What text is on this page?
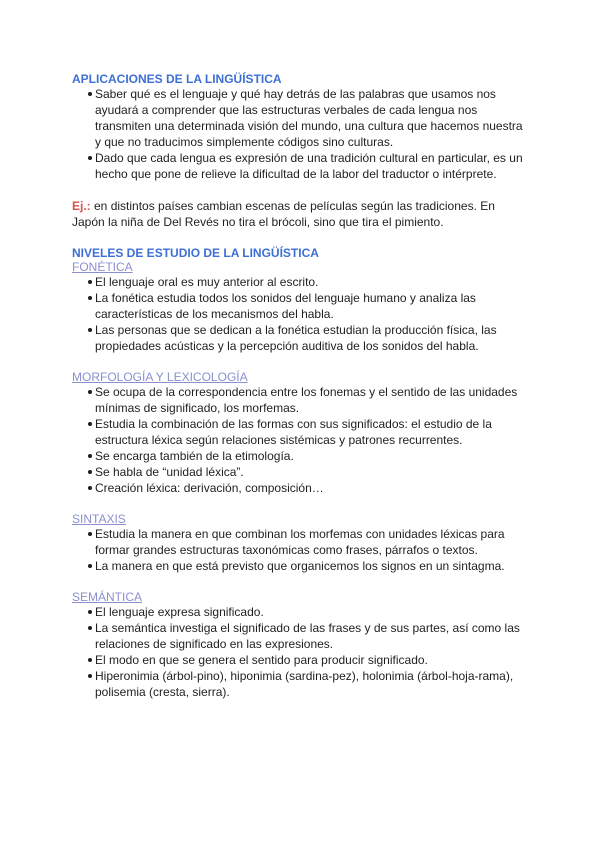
APLICACIONES DE LA LINGÜÍSTICA
Saber qué es el lenguaje y qué hay detrás de las palabras que usamos nos ayudará a comprender que las estructuras verbales de cada lengua nos transmiten una determinada visión del mundo, una cultura que hacemos nuestra y que no traducimos simplemente códigos sino culturas.
Dado que cada lengua es expresión de una tradición cultural en particular, es un hecho que pone de relieve la dificultad de la labor del traductor o intérprete.

Ej.: en distintos países cambian escenas de películas según las tradiciones. En Japón la niña de Del Revés no tira el brócoli, sino que tira el pimiento.

NIVELES DE ESTUDIO DE LA LINGÜÍSTICA

FONÉTICA

El lenguaje oral es muy anterior al escrito.
La fonética estudia todos los sonidos del lenguaje humano y analiza las características de los mecanismos del habla.
Las personas que se dedican a la fonética estudian la producción física, las propiedades acústicas y la percepción auditiva de los sonidos del habla.

MORFOLOGÍA Y LEXICOLOGÍA

Se ocupa de la correspondencia entre los fonemas y el sentido de las unidades mínimas de significado, los morfemas.
Estudia la combinación de las formas con sus significados: el estudio de la estructura léxica según relaciones sistémicas y patrones recurrentes.
Se encarga también de la etimología.
Se habla de “unidad léxica”.
Creación léxica: derivación, composición…

SINTAXIS

Estudia la manera en que combinan los morfemas con unidades léxicas para formar grandes estructuras taxonómicas como frases, párrafos o textos.
La manera en que está previsto que organicemos los signos en un sintagma.

SEMÁNTICA

El lenguaje expresa significado.
La semántica investiga el significado de las frases y de sus partes, así como las relaciones de significado en las expresiones.
El modo en que se genera el sentido para producir significado.
Hiperonimia (árbol-pino), hiponimia (sardina-pez), holonimia (árbol-hoja-rama), polisemia (cresta, sierra).
